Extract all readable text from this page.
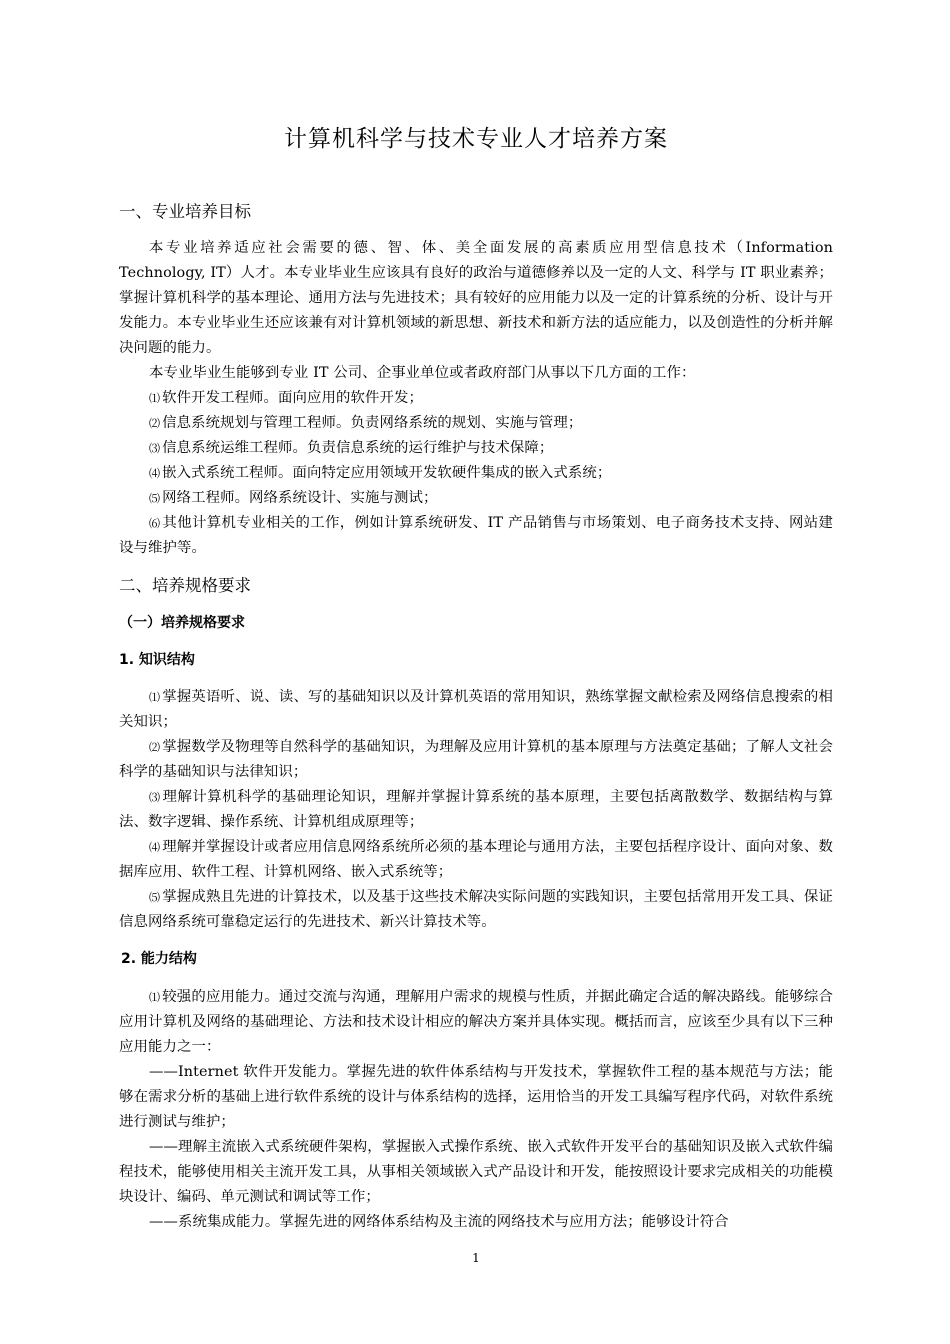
计算机科学与技术专业人才培养方案
一、专业培养目标

本专业培养适应社会需要的德、智、体、美全面发展的高素质应用型信息技术（Information Technology, IT）人才。本专业毕业生应该具有良好的政治与道德修养以及一定的人文、科学与 IT 职业素养；掌握计算机科学的基本理论、通用方法与先进技术；具有较好的应用能力以及一定的计算系统的分析、设计与开发能力。本专业毕业生还应该兼有对计算机领域的新思想、新技术和新方法的适应能力，以及创造性的分析并解决问题的能力。

本专业毕业生能够到专业 IT 公司、企事业单位或者政府部门从事以下几方面的工作：

⑴ 软件开发工程师。面向应用的软件开发；

⑵ 信息系统规划与管理工程师。负责网络系统的规划、实施与管理；

⑶ 信息系统运维工程师。负责信息系统的运行维护与技术保障；

⑷ 嵌入式系统工程师。面向特定应用领域开发软硬件集成的嵌入式系统；

⑸ 网络工程师。网络系统设计、实施与测试；

⑹ 其他计算机专业相关的工作，例如计算系统研发、IT 产品销售与市场策划、电子商务技术支持、网站建设与维护等。

二、培养规格要求
（一）培养规格要求
1. 知识结构

⑴ 掌握英语听、说、读、写的基础知识以及计算机英语的常用知识，熟练掌握文献检索及网络信息搜索的相关知识；

⑵ 掌握数学及物理等自然科学的基础知识，为理解及应用计算机的基本原理与方法奠定基础；了解人文社会科学的基础知识与法律知识；

⑶ 理解计算机科学的基础理论知识，理解并掌握计算系统的基本原理，主要包括离散数学、数据结构与算法、数字逻辑、操作系统、计算机组成原理等；

⑷ 理解并掌握设计或者应用信息网络系统所必须的基本理论与通用方法，主要包括程序设计、面向对象、数据库应用、软件工程、计算机网络、嵌入式系统等；

⑸ 掌握成熟且先进的计算技术，以及基于这些技术解决实际问题的实践知识，主要包括常用开发工具、保证信息网络系统可靠稳定运行的先进技术、新兴计算技术等。

2. 能力结构

⑴ 较强的应用能力。通过交流与沟通，理解用户需求的规模与性质，并据此确定合适的解决路线。能够综合应用计算机及网络的基础理论、方法和技术设计相应的解决方案并具体实现。概括而言，应该至少具有以下三种应用能力之一：

——Internet 软件开发能力。掌握先进的软件体系结构与开发技术，掌握软件工程的基本规范与方法；能够在需求分析的基础上进行软件系统的设计与体系结构的选择，运用恰当的开发工具编写程序代码，对软件系统进行测试与维护；

——理解主流嵌入式系统硬件架构，掌握嵌入式操作系统、嵌入式软件开发平台的基础知识及嵌入式软件编程技术，能够使用相关主流开发工具，从事相关领域嵌入式产品设计和开发，能按照设计要求完成相关的功能模块设计、编码、单元测试和调试等工作；

——系统集成能力。掌握先进的网络体系结构及主流的网络技术与应用方法；能够设计符合

1
